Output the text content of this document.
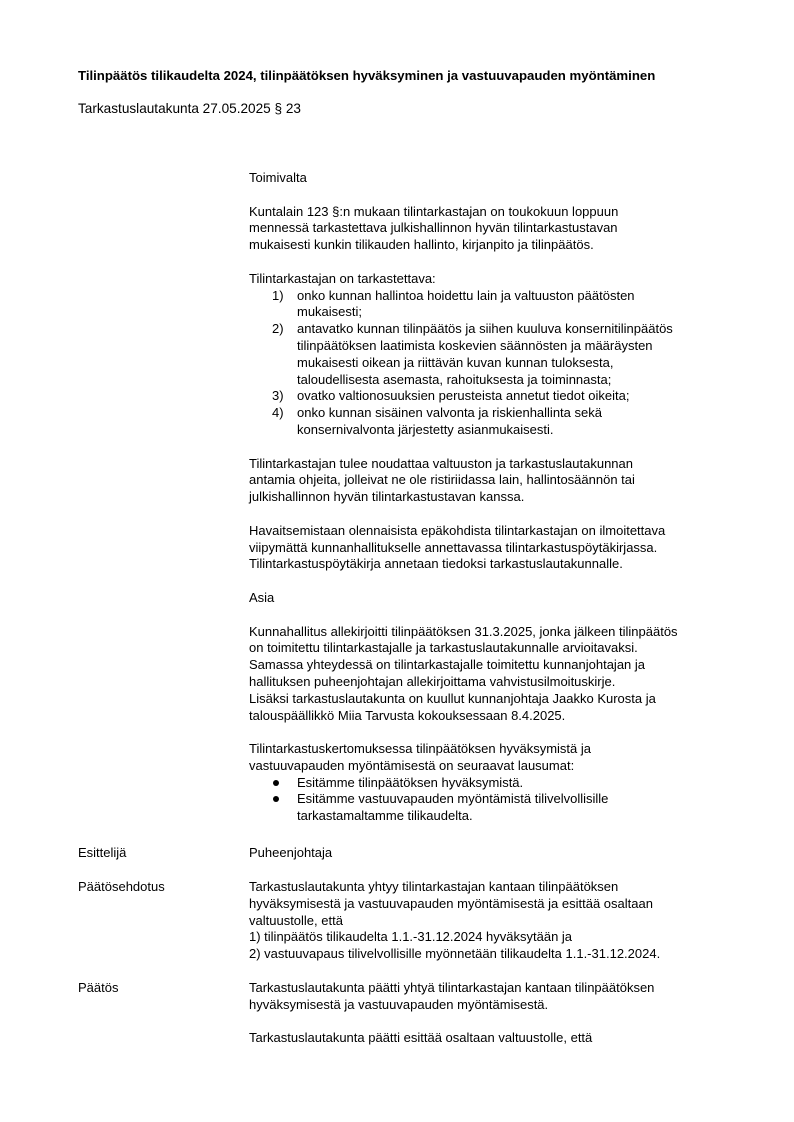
Tilinpäätös tilikaudelta 2024, tilinpäätöksen hyväksyminen ja vastuuvapauden myöntäminen
Tarkastuslautakunta 27.05.2025 § 23
Toimivalta
Kuntalain 123 §:n mukaan tilintarkastajan on toukokuun loppuun
mennessä tarkastettava julkishallinnon hyvän tilintarkastustavan
mukaisesti kunkin tilikauden hallinto, kirjanpito ja tilinpäätös.
Tilintarkastajan on tarkastettava:
1) onko kunnan hallintoa hoidettu lain ja valtuuston päätösten
mukaisesti;
2) antavatko kunnan tilinpäätös ja siihen kuuluva konsernitilinpäätös
tilinpäätöksen laatimista koskevien säännösten ja määräysten
mukaisesti oikean ja riittävän kuvan kunnan tuloksesta,
taloudellisesta asemasta, rahoituksesta ja toiminnasta;
3) ovatko valtionosuuksien perusteista annetut tiedot oikeita;
4) onko kunnan sisäinen valvonta ja riskienhallinta sekä
konsernivalvonta järjestetty asianmukaisesti.
Tilintarkastajan tulee noudattaa valtuuston ja tarkastuslautakunnan
antamia ohjeita, jolleivat ne ole ristiriidassa lain, hallintosäännön tai
julkishallinnon hyvän tilintarkastustavan kanssa.
Havaitsemistaan olennaisista epäkohdista tilintarkastajan on ilmoitettava
viipymättä kunnanhallitukselle annettavassa tilintarkastuspöytäkirjassa.
Tilintarkastuspöytäkirja annetaan tiedoksi tarkastuslautakunnalle.
Asia
Kunnahallitus allekirjoitti tilinpäätöksen 31.3.2025, jonka jälkeen tilinpäätös
on toimitettu tilintarkastajalle ja tarkastuslautakunnalle arvioitavaksi.
Samassa yhteydessä on tilintarkastajalle toimitettu kunnanjohtajan ja
hallituksen puheenjohtajan allekirjoittama vahvistusilmoituskirje.
Lisäksi tarkastuslautakunta on kuullut kunnanjohtaja Jaakko Kurosta ja
talouspäällikkö Miia Tarvusta kokouksessaan 8.4.2025.
Tilintarkastuskertomuksessa tilinpäätöksen hyväksymistä ja
vastuuvapauden myöntämisestä on seuraavat lausumat:
Esitämme tilinpäätöksen hyväksymistä.
Esitämme vastuuvapauden myöntämistä tilivelvollisille
tarkastamaltamme tilikaudelta.
Esittelijä	Puheenjohtaja
Päätösehdotus	Tarkastuslautakunta yhtyy tilintarkastajan kantaan tilinpäätöksen
hyväksymisestä ja vastuuvapauden myöntämisestä ja esittää osaltaan
valtuustolle, että
1) tilinpäätös tilikaudelta 1.1.-31.12.2024 hyväksytään ja
2) vastuuvapaus tilivelvollisille myönnetään tilikaudelta 1.1.-31.12.2024.
Päätös	Tarkastuslautakunta päätti yhtyä tilintarkastajan kantaan tilinpäätöksen
hyväksymisestä ja vastuuvapauden myöntämisestä.
Tarkastuslautakunta päätti esittää osaltaan valtuustolle, että
